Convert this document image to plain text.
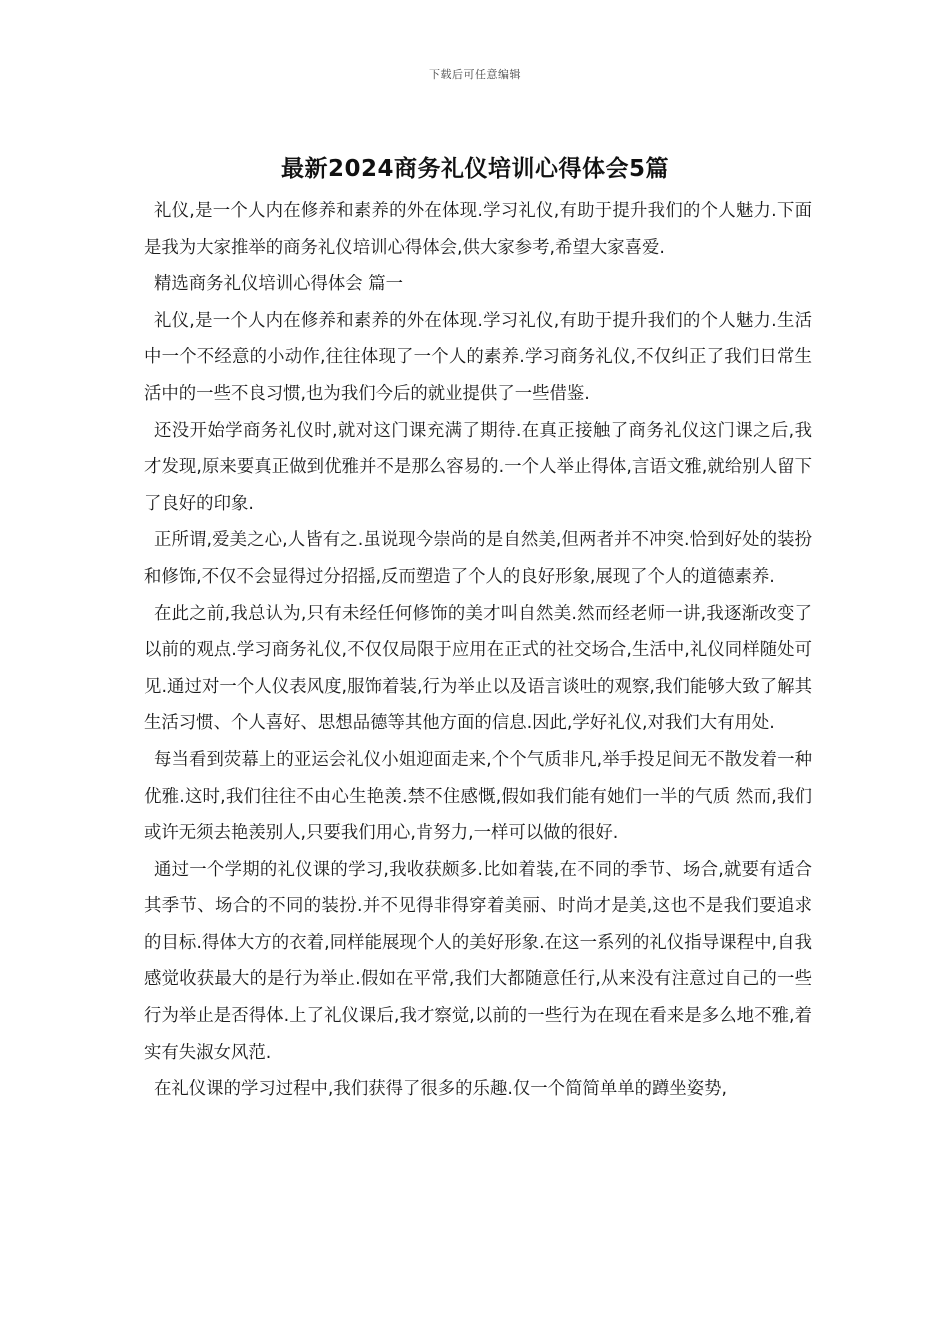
下载后可任意编辑
最新2024商务礼仪培训心得体会5篇

礼仪,是一个人内在修养和素养的外在体现.学习礼仪,有助于提升我们的个人魅力.下面是我为大家推举的商务礼仪培训心得体会,供大家参考,希望大家喜爱.

精选商务礼仪培训心得体会 篇一

礼仪,是一个人内在修养和素养的外在体现.学习礼仪,有助于提升我们的个人魅力.生活中一个不经意的小动作,往往体现了一个人的素养.学习商务礼仪,不仅纠正了我们日常生活中的一些不良习惯,也为我们今后的就业提供了一些借鉴.

还没开始学商务礼仪时,就对这门课充满了期待.在真正接触了商务礼仪这门课之后,我才发现,原来要真正做到优雅并不是那么容易的.一个人举止得体,言语文雅,就给别人留下了良好的印象.

正所谓,爱美之心,人皆有之.虽说现今崇尚的是自然美,但两者并不冲突.恰到好处的装扮和修饰,不仅不会显得过分招摇,反而塑造了个人的良好形象,展现了个人的道德素养.

在此之前,我总认为,只有未经任何修饰的美才叫自然美.然而经老师一讲,我逐渐改变了以前的观点.学习商务礼仪,不仅仅局限于应用在正式的社交场合,生活中,礼仪同样随处可见.通过对一个人仪表风度,服饰着装,行为举止以及语言谈吐的观察,我们能够大致了解其生活习惯、个人喜好、思想品德等其他方面的信息.因此,学好礼仪,对我们大有用处.

每当看到荧幕上的亚运会礼仪小姐迎面走来,个个气质非凡,举手投足间无不散发着一种优雅.这时,我们往往不由心生艳羡.禁不住感慨,假如我们能有她们一半的气质 然而,我们或许无须去艳羡别人,只要我们用心,肯努力,一样可以做的很好.

通过一个学期的礼仪课的学习,我收获颇多.比如着装,在不同的季节、场合,就要有适合其季节、场合的不同的装扮.并不见得非得穿着美丽、时尚才是美,这也不是我们要追求的目标.得体大方的衣着,同样能展现个人的美好形象.在这一系列的礼仪指导课程中,自我感觉收获最大的是行为举止.假如在平常,我们大都随意任行,从来没有注意过自己的一些行为举止是否得体.上了礼仪课后,我才察觉,以前的一些行为在现在看来是多么地不雅,着实有失淑女风范.

在礼仪课的学习过程中,我们获得了很多的乐趣.仅一个简简单单的蹲坐姿势,
